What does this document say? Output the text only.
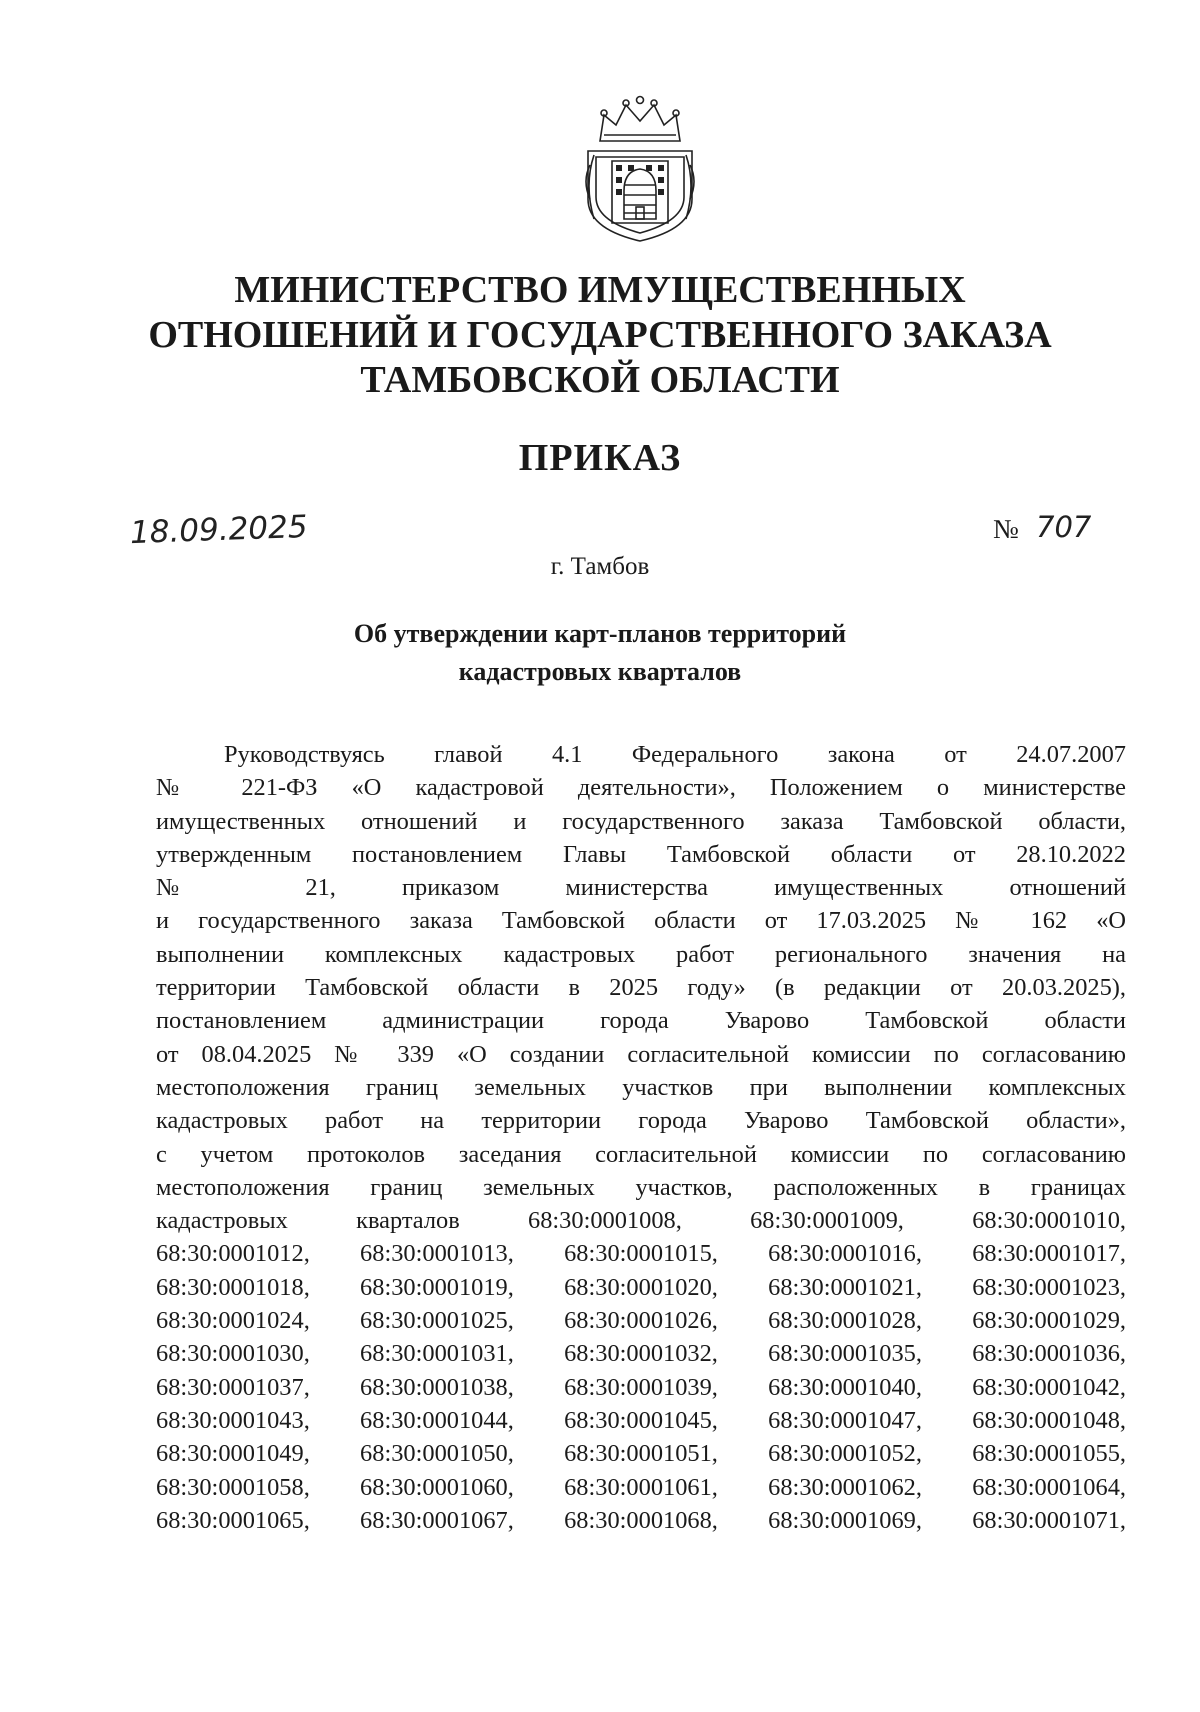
МИНИСТЕРСТВО ИМУЩЕСТВЕННЫХ
ОТНОШЕНИЙ И ГОСУДАРСТВЕННОГО ЗАКАЗА
ТАМБОВСКОЙ ОБЛАСТИ
ПРИКАЗ
18.09.2025	№ 707
г. Тамбов
Об утверждении карт-планов территорий
кадастровых кварталов
Руководствуясь главой 4.1 Федерального закона от 24.07.2007
№ 221-ФЗ «О кадастровой деятельности», Положением о министерстве
имущественных отношений и государственного заказа Тамбовской области,
утвержденным постановлением Главы Тамбовской области от 28.10.2022
№ 21, приказом министерства имущественных отношений
и государственного заказа Тамбовской области от 17.03.2025 № 162 «О
выполнении комплексных кадастровых работ регионального значения на
территории Тамбовской области в 2025 году» (в редакции от 20.03.2025),
постановлением администрации города Уварово Тамбовской области
от 08.04.2025 № 339 «О создании согласительной комиссии по согласованию
местоположения границ земельных участков при выполнении комплексных
кадастровых работ на территории города Уварово Тамбовской области»,
с учетом протоколов заседания согласительной комиссии по согласованию
местоположения границ земельных участков, расположенных в границах
кадастровых кварталов 68:30:0001008, 68:30:0001009, 68:30:0001010,
68:30:0001012, 68:30:0001013, 68:30:0001015, 68:30:0001016, 68:30:0001017,
68:30:0001018, 68:30:0001019, 68:30:0001020, 68:30:0001021, 68:30:0001023,
68:30:0001024, 68:30:0001025, 68:30:0001026, 68:30:0001028, 68:30:0001029,
68:30:0001030, 68:30:0001031, 68:30:0001032, 68:30:0001035, 68:30:0001036,
68:30:0001037, 68:30:0001038, 68:30:0001039, 68:30:0001040, 68:30:0001042,
68:30:0001043, 68:30:0001044, 68:30:0001045, 68:30:0001047, 68:30:0001048,
68:30:0001049, 68:30:0001050, 68:30:0001051, 68:30:0001052, 68:30:0001055,
68:30:0001058, 68:30:0001060, 68:30:0001061, 68:30:0001062, 68:30:0001064,
68:30:0001065, 68:30:0001067, 68:30:0001068, 68:30:0001069, 68:30:0001071,
